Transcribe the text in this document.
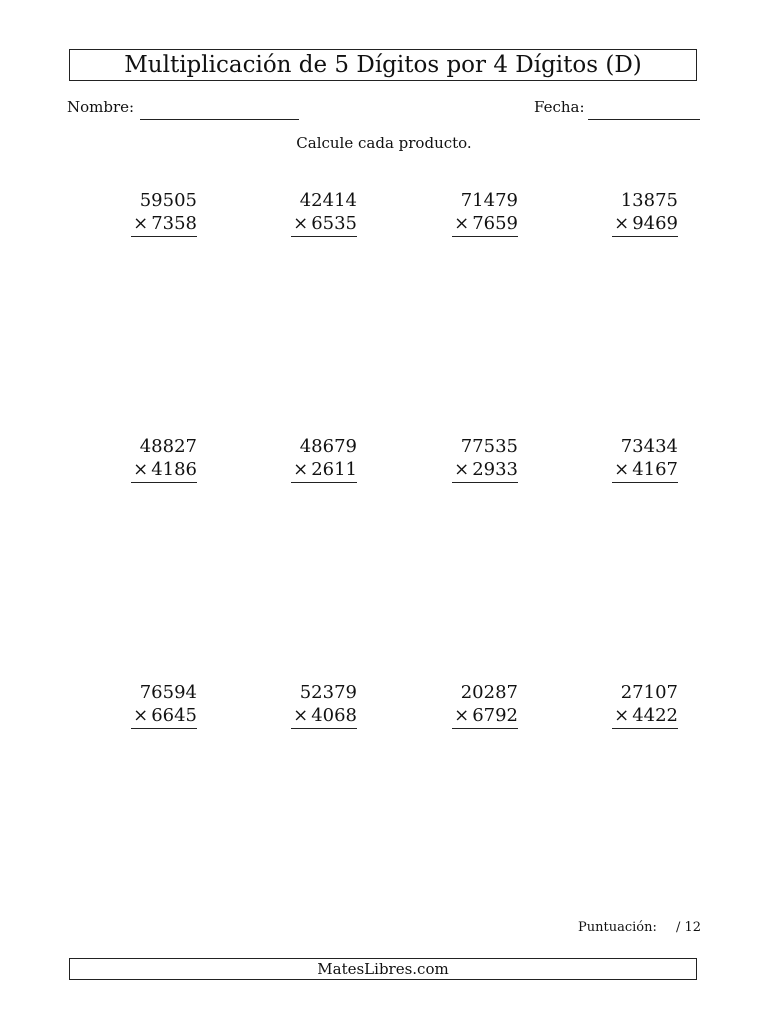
Multiplicación de 5 Dígitos por 4 Dígitos (D)
Nombre:	Fecha:
Calcule cada producto.
59505
× 7358
42414
× 6535
71479
× 7659
13875
× 9469
48827
× 4186
48679
× 2611
77535
× 2933
73434
× 4167
76594
× 6645
52379
× 4068
20287
× 6792
27107
× 4422
Puntuación: / 12
MatesLibres.com
